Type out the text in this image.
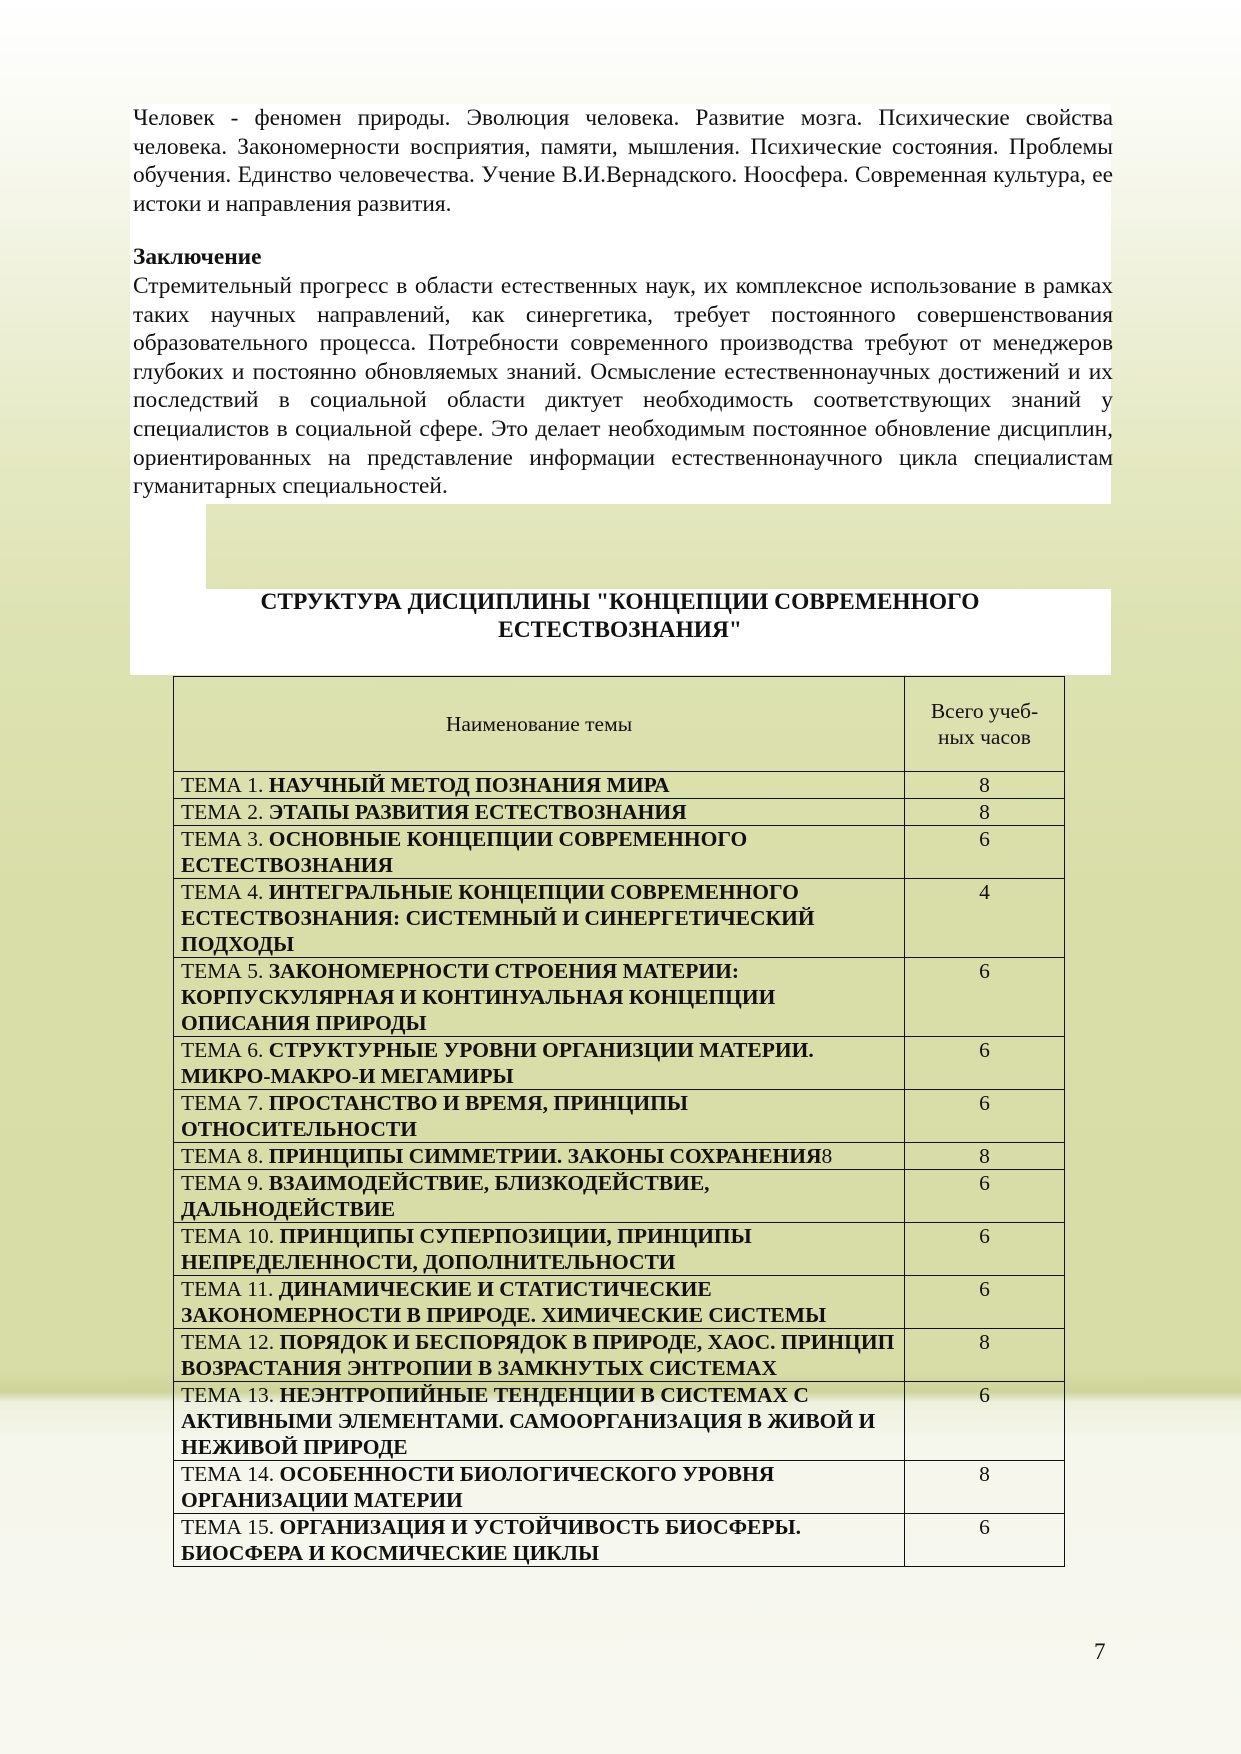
Человек - феномен природы. Эволюция человека. Развитие мозга. Психические свойства человека. Закономерности восприятия, памяти, мышления. Психические состояния. Проблемы обучения. Единство человечества. Учение В.И.Вернадского. Ноосфера. Современная культура, ее истоки и направления развития.

Заключение

Стремительный прогресс в области естественных наук, их комплексное использование в рамках таких научных направлений, как синергетика, требует постоянного совершенствования образовательного процесса. Потребности современного производства требуют от менеджеров глубоких и постоянно обновляемых знаний. Осмысление естественнонаучных достижений и их последствий в социальной области диктует необходимость соответствующих знаний у специалистов в социальной сфере. Это делает необходимым постоянное обновление дисциплин, ориентированных на представление информации естественнонаучного цикла специалистам гуманитарных специальностей.

СТРУКТУРА ДИСЦИПЛИНЫ "КОНЦЕПЦИИ СОВРЕМЕННОГО
ЕСТЕСТВОЗНАНИЯ"
Наименование темы	Всего учеб-
ных часов

ТЕМА 1. НАУЧНЫЙ МЕТОД ПОЗНАНИЯ МИРА	8
ТЕМА 2. ЭТАПЫ РАЗВИТИЯ ЕСТЕСТВОЗНАНИЯ	8
ТЕМА 3. ОСНОВНЫЕ КОНЦЕПЦИИ СОВРЕМЕННОГО ЕСТЕСТВОЗНАНИЯ	6
ТЕМА 4. ИНТЕГРАЛЬНЫЕ КОНЦЕПЦИИ СОВРЕМЕННОГО ЕСТЕСТВОЗНАНИЯ: СИСТЕМНЫЙ И СИНЕРГЕТИЧЕСКИЙ ПОДХОДЫ	4
ТЕМА 5. ЗАКОНОМЕРНОСТИ СТРОЕНИЯ МАТЕРИИ: КОРПУСКУЛЯРНАЯ И КОНТИНУАЛЬНАЯ КОНЦЕПЦИИ ОПИСАНИЯ ПРИРОДЫ	6
ТЕМА 6. СТРУКТУРНЫЕ УРОВНИ ОРГАНИЗЦИИ МАТЕРИИ. МИКРО-МАКРО-И МЕГАМИРЫ	6
ТЕМА 7. ПРОСТАНСТВО И ВРЕМЯ, ПРИНЦИПЫ ОТНОСИТЕЛЬНОСТИ	6
ТЕМА 8. ПРИНЦИПЫ СИММЕТРИИ. ЗАКОНЫ СОХРАНЕНИЯ8	8
ТЕМА 9. ВЗАИМОДЕЙСТВИЕ, БЛИЗКОДЕЙСТВИЕ, ДАЛЬНОДЕЙСТВИЕ	6
ТЕМА 10. ПРИНЦИПЫ СУПЕРПОЗИЦИИ, ПРИНЦИПЫ НЕПРЕДЕЛЕННОСТИ, ДОПОЛНИТЕЛЬНОСТИ	6
ТЕМА 11. ДИНАМИЧЕСКИЕ И СТАТИСТИЧЕСКИЕ ЗАКОНОМЕРНОСТИ В ПРИРОДЕ. ХИМИЧЕСКИЕ СИСТЕМЫ	6
ТЕМА 12. ПОРЯДОК И БЕСПОРЯДОК В ПРИРОДЕ, ХАОС. ПРИНЦИП ВОЗРАСТАНИЯ ЭНТРОПИИ В ЗАМКНУТЫХ СИСТЕМАХ	8
ТЕМА 13. НЕЭНТРОПИЙНЫЕ ТЕНДЕНЦИИ В СИСТЕМАХ С АКТИВНЫМИ ЭЛЕМЕНТАМИ. САМООРГАНИЗАЦИЯ В ЖИВОЙ И НЕЖИВОЙ ПРИРОДЕ	6
ТЕМА 14. ОСОБЕННОСТИ БИОЛОГИЧЕСКОГО УРОВНЯ ОРГАНИЗАЦИИ МАТЕРИИ	8
ТЕМА 15. ОРГАНИЗАЦИЯ И УСТОЙЧИВОСТЬ БИОСФЕРЫ. БИОСФЕРА И КОСМИЧЕСКИЕ ЦИКЛЫ	6

7
